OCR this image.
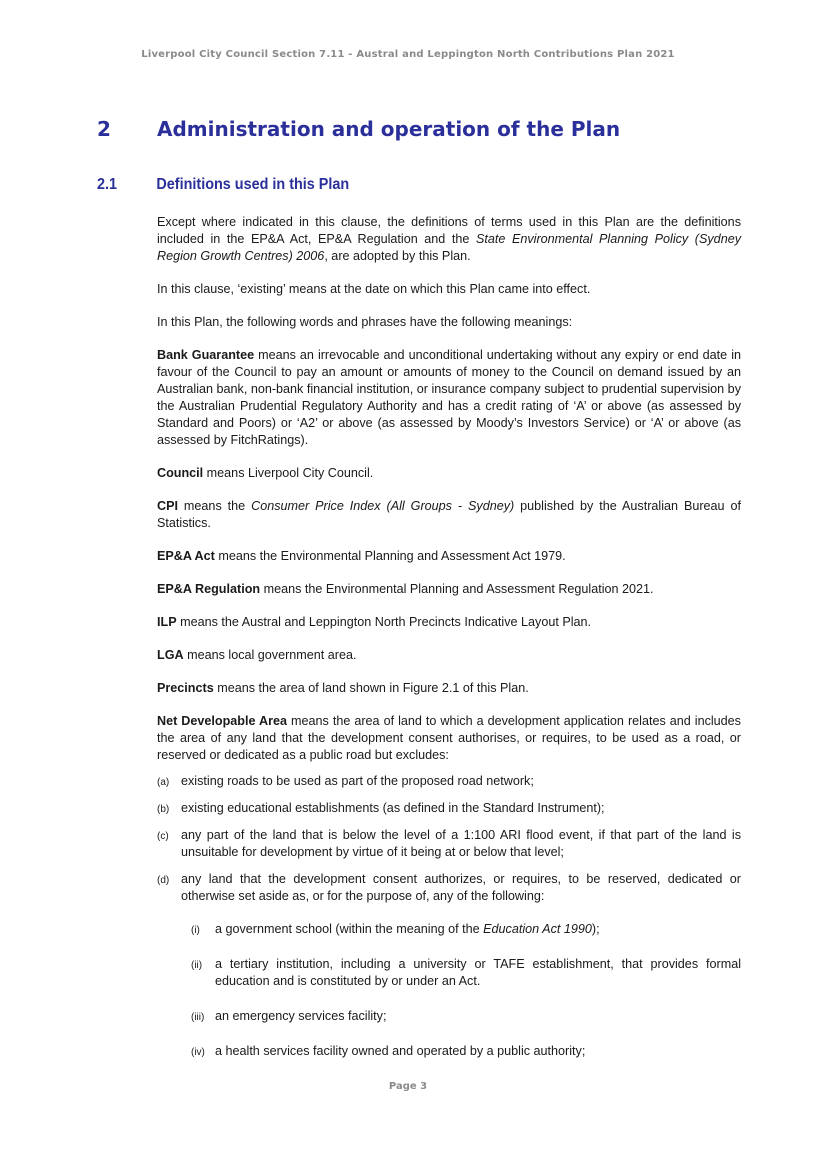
Liverpool City Council Section 7.11 - Austral and Leppington North Contributions Plan 2021
2 Administration and operation of the Plan
2.1 Definitions used in this Plan

Except where indicated in this clause, the definitions of terms used in this Plan are the definitions included in the EP&A Act, EP&A Regulation and the State Environmental Planning Policy (Sydney Region Growth Centres) 2006, are adopted by this Plan.

In this clause, ‘existing’ means at the date on which this Plan came into effect.

In this Plan, the following words and phrases have the following meanings:

Bank Guarantee means an irrevocable and unconditional undertaking without any expiry or end date in favour of the Council to pay an amount or amounts of money to the Council on demand issued by an Australian bank, non-bank financial institution, or insurance company subject to prudential supervision by the Australian Prudential Regulatory Authority and has a credit rating of ‘A’ or above (as assessed by Standard and Poors) or ‘A2’ or above (as assessed by Moody’s Investors Service) or ‘A’ or above (as assessed by FitchRatings).

Council means Liverpool City Council.

CPI means the Consumer Price Index (All Groups - Sydney) published by the Australian Bureau of Statistics.

EP&A Act means the Environmental Planning and Assessment Act 1979.

EP&A Regulation means the Environmental Planning and Assessment Regulation 2021.

ILP means the Austral and Leppington North Precincts Indicative Layout Plan.

LGA means local government area.

Precincts means the area of land shown in Figure 2.1 of this Plan.

Net Developable Area means the area of land to which a development application relates and includes the area of any land that the development consent authorises, or requires, to be used as a road, or reserved or dedicated as a public road but excludes:

(a) existing roads to be used as part of the proposed road network;
(b) existing educational establishments (as defined in the Standard Instrument);
(c) any part of the land that is below the level of a 1:100 ARI flood event, if that part of the land is unsuitable for development by virtue of it being at or below that level;
(d) any land that the development consent authorizes, or requires, to be reserved, dedicated or otherwise set aside as, or for the purpose of, any of the following:
(i) a government school (within the meaning of the Education Act 1990);
(ii) a tertiary institution, including a university or TAFE establishment, that provides formal education and is constituted by or under an Act.
(iii) an emergency services facility;
(iv) a health services facility owned and operated by a public authority;
Page 3
